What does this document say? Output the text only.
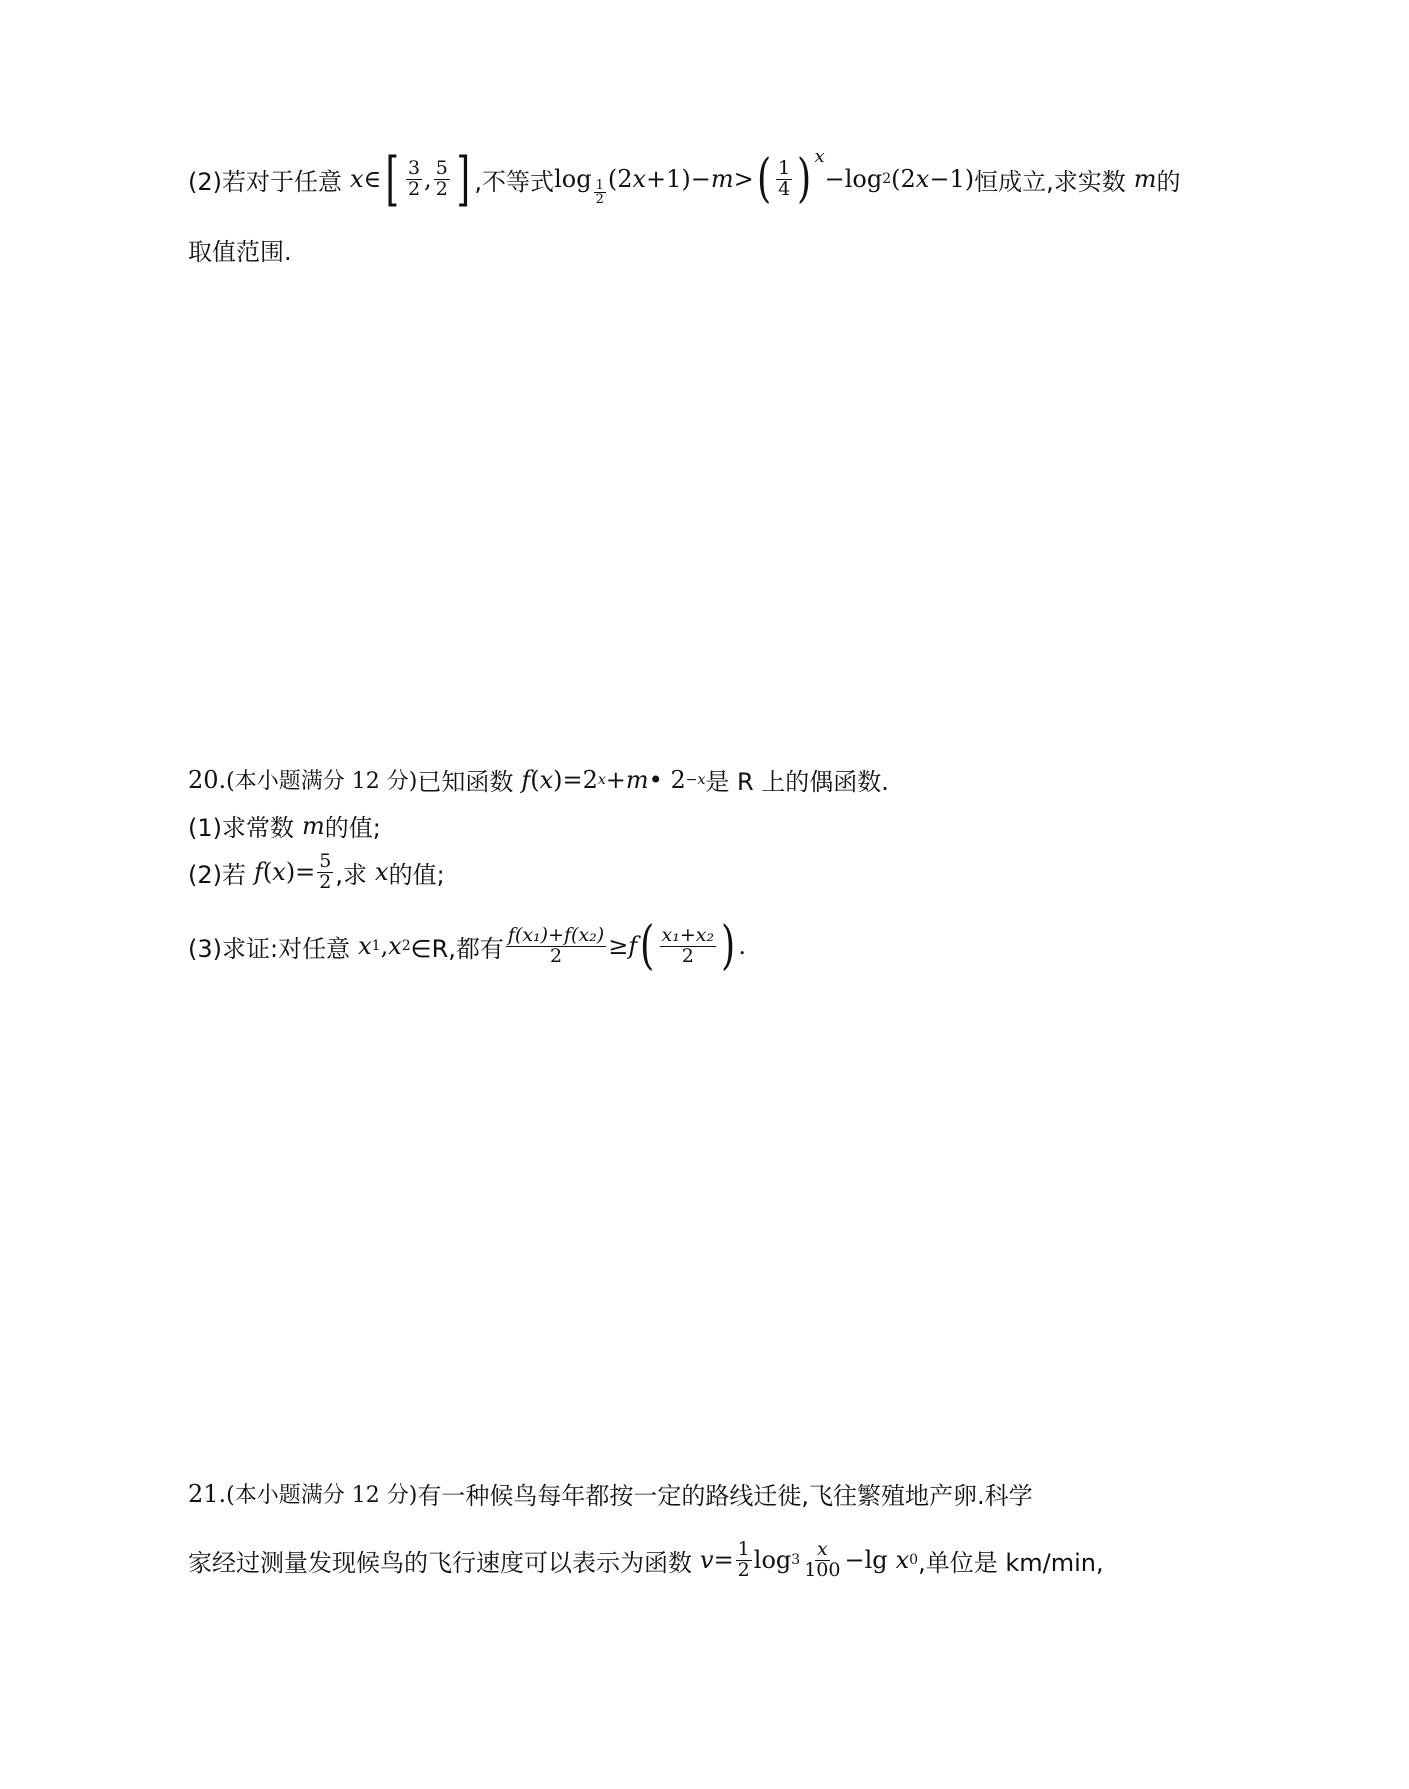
(2)若对于任意 x ∈ [ $\frac{3}{2}$ , $\frac{5}{2}$ ] ,不等式 $\log \frac{1}{2} (2$ x +1)− m > ( $\frac{1}{4}$ ) x
−log 2 (2 x −1) 恒成立,求实数 m 的
取值范围.
20. (本小题满分 12 分) 已知函数 f ( x )=2 x + m • 2 −x 是 R 上的偶函数.
(1)求常数 m 的值;
(2)若 f ( x )= $\frac{5}{2}$ ,求 x 的值;
(3)求证:对任意 x 1 , x 2 ∈R,都有 $\frac{\text{f(x₁)+f(x₂)}}{2} \ge f$ ( $\frac{\text{x₁+x₂}}{2}$ ) .
21. (本小题满分 12 分) 有一种候鸟每年都按一定的路线迁徙,飞往繁殖地产卵.科学
家经过测量发现候鸟的飞行速度可以表示为函数 $v = \frac{1}{2}$ $\log 3 \frac{x}{100} -\lg$ x 0 ,单位是 km/min,
